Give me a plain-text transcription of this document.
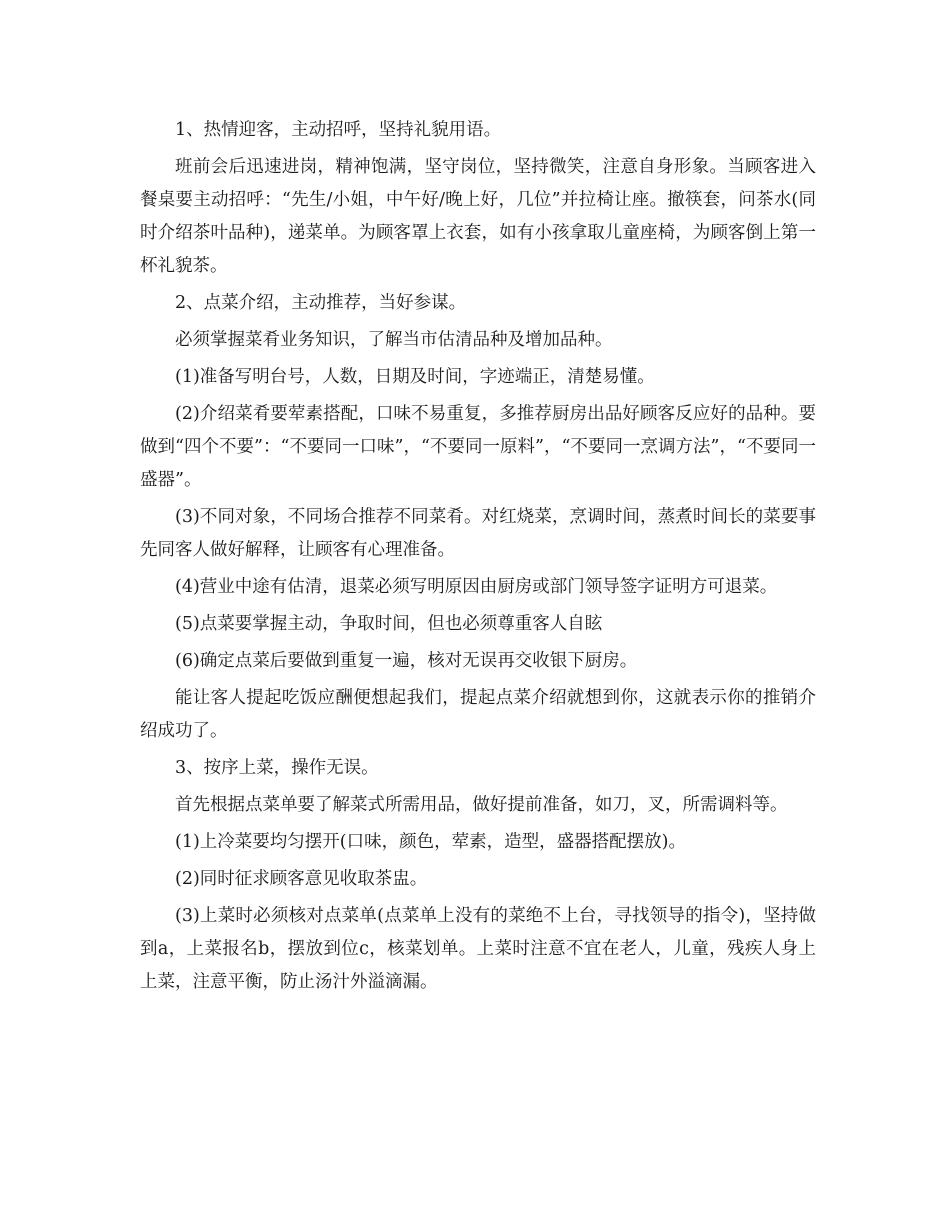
1、热情迎客，主动招呼，坚持礼貌用语。

班前会后迅速进岗，精神饱满，坚守岗位，坚持微笑，注意自身形象。当顾客进入餐桌要主动招呼：“先生/小姐，中午好/晚上好，几位”并拉椅让座。撤筷套，问茶水(同时介绍茶叶品种)，递菜单。为顾客罩上衣套，如有小孩拿取儿童座椅，为顾客倒上第一杯礼貌茶。

2、点菜介绍，主动推荐，当好参谋。

必须掌握菜肴业务知识，了解当市估清品种及增加品种。

(1)准备写明台号，人数，日期及时间，字迹端正，清楚易懂。

(2)介绍菜肴要荤素搭配，口味不易重复，多推荐厨房出品好顾客反应好的品种。要做到“四个不要”：“不要同一口味”，“不要同一原料”，“不要同一烹调方法”，“不要同一盛器”。

(3)不同对象，不同场合推荐不同菜肴。对红烧菜，烹调时间，蒸煮时间长的菜要事先同客人做好解释，让顾客有心理准备。

(4)营业中途有估清，退菜必须写明原因由厨房或部门领导签字证明方可退菜。

(5)点菜要掌握主动，争取时间，但也必须尊重客人自眩

(6)确定点菜后要做到重复一遍，核对无误再交收银下厨房。

能让客人提起吃饭应酬便想起我们，提起点菜介绍就想到你，这就表示你的推销介绍成功了。

3、按序上菜，操作无误。

首先根据点菜单要了解菜式所需用品，做好提前准备，如刀，叉，所需调料等。

(1)上冷菜要均匀摆开(口味，颜色，荤素，造型，盛器搭配摆放)。

(2)同时征求顾客意见收取茶盅。

(3)上菜时必须核对点菜单(点菜单上没有的菜绝不上台，寻找领导的指令)，坚持做到a，上菜报名b，摆放到位c，核菜划单。上菜时注意不宜在老人，儿童，残疾人身上上菜，注意平衡，防止汤汁外溢滴漏。
